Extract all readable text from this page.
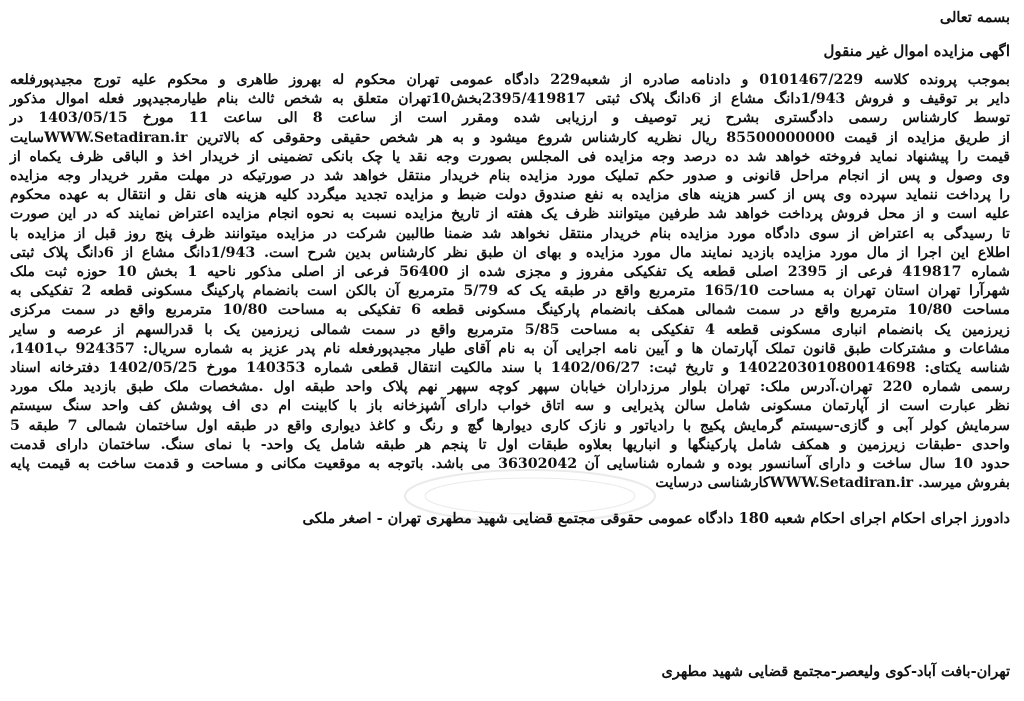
بسمه تعالی
اگهی مزایده اموال غیر منقول
بموجب پرونده کلاسه 0101467/229 و دادنامه صادره از شعبه229 دادگاه عمومی تهران محکوم له بهروز طاهری و محکوم علیه تورج مجیدپورفلعه
دایر بر توقیف و فروش 1/943دانگ مشاع از 6دانگ پلاک ثبتی 2395/419817بخش10تهران متعلق به شخص ثالث بنام طیارمجیدپور فعله اموال مذکور
توسط کارشناس رسمی دادگستری بشرح زیر توصیف و ارزیابی شده ومقرر است از ساعت 8 الی ساعت 11 مورخ 1403/05/15 در
از طریق مزایده از قیمت 85500000000 ریال نظریه کارشناس شروع میشود و به هر شخص حقیقی وحقوقی که بالاترین WWW.Setadiran.irسایت
قیمت را پیشنهاد نماید فروخته خواهد شد ده درصد وجه مزایده فی المجلس بصورت وجه نقد یا چک بانکی تضمینی از خریدار اخذ و الباقی ظرف یکماه از
وی وصول و پس از انجام مراحل قانونی و صدور حکم تملیک مورد مزایده بنام خریدار منتقل خواهد شد در صورتیکه در مهلت مقرر خریدار وجه مزایده
را پرداخت ننماید سپرده وی پس از کسر هزینه های مزایده به نفع صندوق دولت ضبط و مزایده تجدید میگردد کلیه هزینه های نقل و انتقال به عهده محکوم
علیه است و از محل فروش پرداخت خواهد شد طرفین میتوانند ظرف یک هفته از تاریخ مزایده نسبت به نحوه انجام مزایده اعتراض نمایند که در این صورت
تا رسیدگی به اعتراض از سوی دادگاه مورد مزایده بنام خریدار منتقل نخواهد شد ضمنا طالبین شرکت در مزایده میتوانند ظرف پنج روز قبل از مزایده با
اطلاع این اجرا از مال مورد مزایده بازدید نمایند مال مورد مزایده و بهای ان طبق نظر کارشناس بدین شرح است. 1/943دانگ مشاع از 6دانگ پلاک ثبتی
شماره 419817 فرعی از 2395 اصلی قطعه یک تفکیکی مفروز و مجزی شده از 56400 فرعی از اصلی مذکور ناحیه 1 بخش 10 حوزه ثبت ملک
شهرآرا تهران استان تهران به مساحت 165/10 مترمربع واقع در طبقه یک که 5/79 مترمربع آن بالکن است بانضمام پارکینگ مسکونی قطعه 2 تفکیکی به
مساحت 10/80 مترمربع واقع در سمت شمالی همکف بانضمام پارکینگ مسکونی قطعه 6 تفکیکی به مساحت 10/80 مترمربع واقع در سمت مرکزی
زیرزمین یک بانضمام انباری مسکونی قطعه 4 تفکیکی به مساحت 5/85 مترمربع واقع در سمت شمالی زیرزمین یک با قدرالسهم از عرصه و سایر
مشاعات و مشترکات طبق قانون تملک آپارتمان ها و آیین نامه اجرایی آن به نام آقای طیار مجیدپورفعله نام پدر عزیز به شماره سریال: 924357 ب1401،
شناسه یکتای: 140220301080014698 و تاریخ ثبت: 1402/06/27 با سند مالکیت انتقال قطعی شماره 140353 مورخ 1402/05/25 دفترخانه اسناد
رسمی شماره 220 تهران.آدرس ملک: تهران بلوار مرزداران خیابان سپهر کوچه سپهر نهم پلاک واحد طبقه اول .مشخصات ملک طبق بازدید ملک مورد
نظر عبارت است از آپارتمان مسکونی شامل سالن پذیرایی و سه اتاق خواب دارای آشپزخانه باز با کابینت ام دی اف پوشش کف واحد سنگ سیستم
سرمایش کولر آبی و گازی-سیستم گرمایش پکیج با رادیاتور و نازک کاری دیوارها گچ و رنگ و کاغذ دیواری واقع در طبقه اول ساختمان شمالی 7 طبقه 5
واحدی -طبقات زیرزمین و همکف شامل پارکینگها و انباریها بعلاوه طبقات اول تا پنجم هر طبقه شامل یک واحد- با نمای سنگ. ساختمان دارای قدمت
حدود 10 سال ساخت و دارای آسانسور بوده و شماره شناسایی آن 36302042 می باشد. باتوجه به موقعیت مکانی و مساحت و قدمت ساخت به قیمت پایه
بفروش میرسد. WWW.Setadiran.irکارشناسی درسایت
دادورز اجرای احکام اجرای احکام شعبه 180 دادگاه عمومی حقوقی مجتمع قضایی شهید مطهری تهران - اصغر ملکی
تهران-بافت آباد-کوی ولیعصر-مجتمع قضایی شهید مطهری
